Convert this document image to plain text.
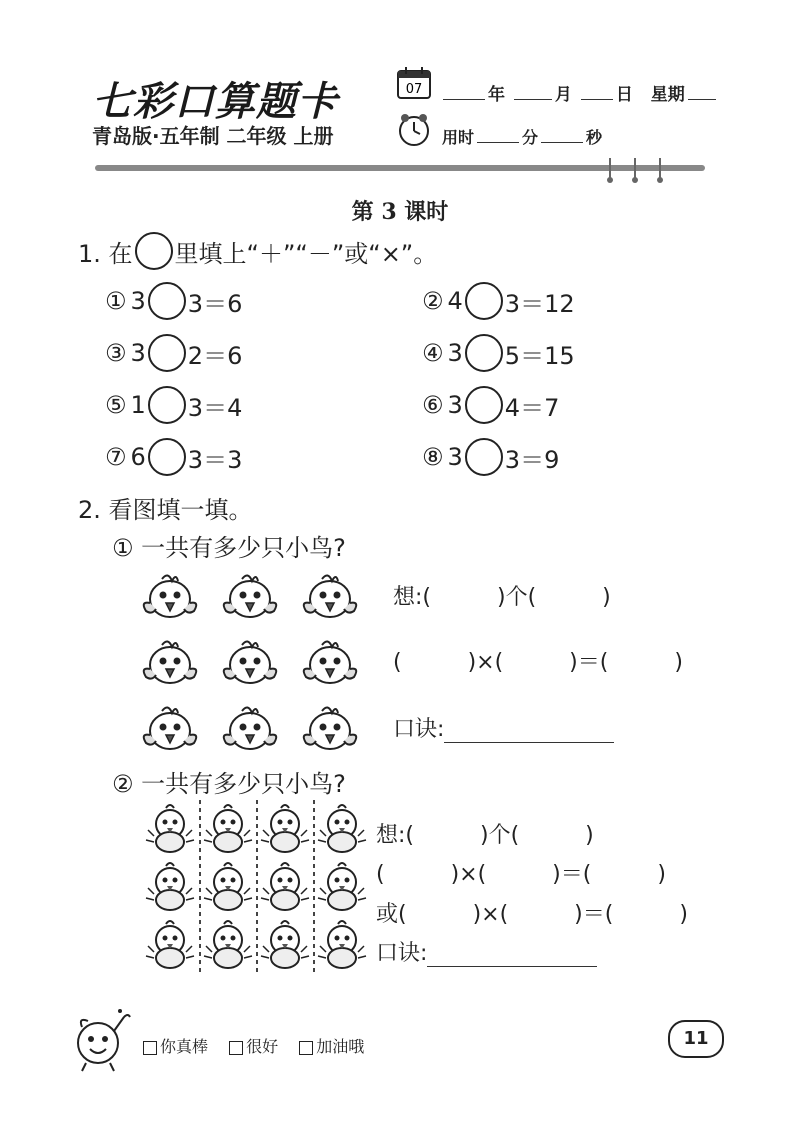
七彩口算题卡
青岛版·五年制 二年级 上册
07	年	月	日 星期
用时	分	秒
第 3 课时
1. 在 里填上“＋”“－”或“×”。
① 3 3＝6	② 4 3＝12
③ 3 2＝6	④ 3 5＝15
⑤ 1 3＝4	⑥ 3 4＝7
⑦ 6 3＝3	⑧ 3 3＝9
2. 看图填一填。
① 一共有多少只小鸟?
想:(　　　)个(　　　)
(　　　)×(　　　)＝(　　　)
口诀:
② 一共有多少只小鸟?
想:(　　　)个(　　　)
(　　　)×(　　　)＝(　　　)
或(　　　)×(　　　)＝(　　　)
口诀:
你真棒 很好 加油哦	11
